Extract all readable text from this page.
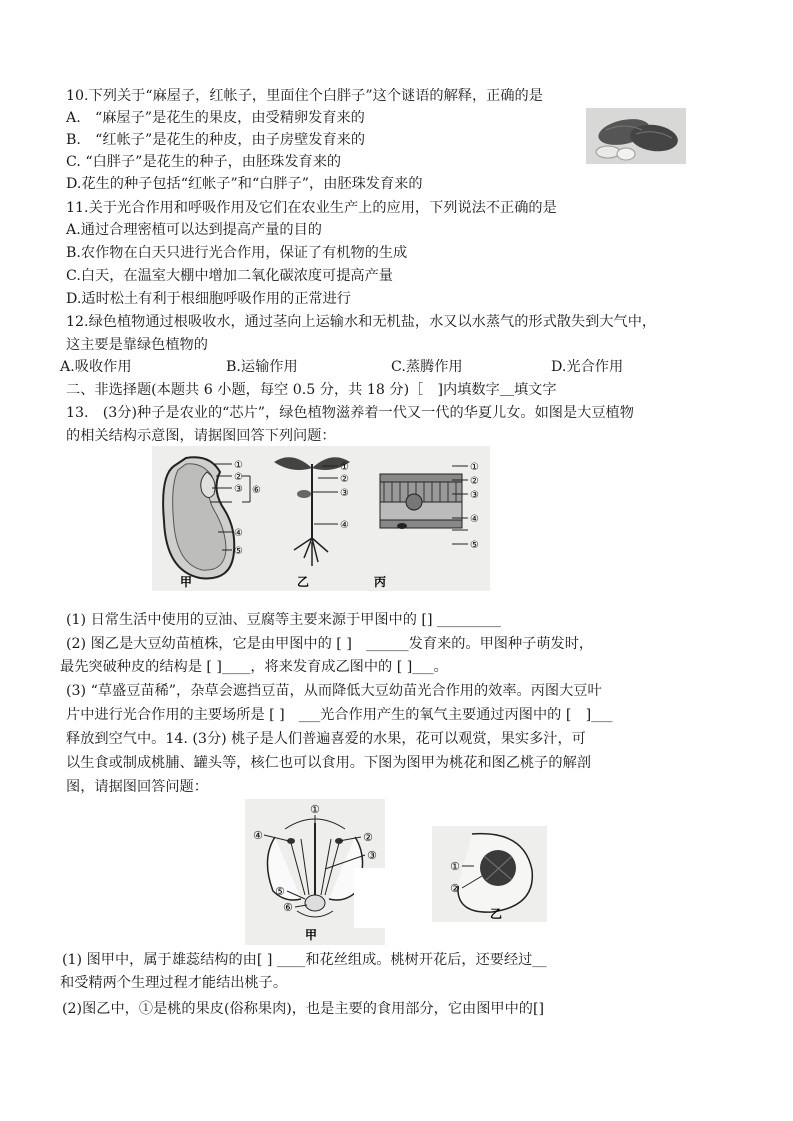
10.下列关于“麻屋子，红帐子，里面住个白胖子”这个谜语的解释，正确的是
A.　“麻屋子”是花生的果皮，由受精卵发育来的
B.　“红帐子”是花生的种皮，由子房壁发育来的
C. “白胖子”是花生的种子，由胚珠发育来的
D.花生的种子包括“红帐子”和“白胖子”，由胚珠发育来的
11.关于光合作用和呼吸作用及它们在农业生产上的应用，下列说法不正确的是
A.通过合理密植可以达到提高产量的目的
B.农作物在白天只进行光合作用，保证了有机物的生成
C.白天，在温室大棚中增加二氧化碳浓度可提高产量
D.适时松土有利于根细胞呼吸作用的正常进行
12.绿色植物通过根吸收水，通过茎向上运输水和无机盐，水又以水蒸气的形式散失到大气中，
这主要是靠绿色植物的
A.吸收作用	B.运输作用	C.蒸腾作用	D.光合作用
二、非选择题(本题共 6 小题，每空 0.5 分，共 18 分)［　]内填数字＿填文字
13.　(3分)种子是农业的“芯片”，绿色植物滋养着一代又一代的华夏儿女。如图是大豆植物
的相关结构示意图，请据图回答下列问题：
①
②
③ ⑥
④
⑤
甲
①
②
③
④
乙
①
②
③
④
⑤
丙
(1) 日常生活中使用的豆油、豆腐等主要来源于甲图中的 [] _________
(2) 图乙是大豆幼苗植株，它是由甲图中的 [ ]　______发育来的。甲图种子萌发时，
最先突破种皮的结构是 [ ]____，将来发育成乙图中的 [ ]___。
(3) “草盛豆苗稀”，杂草会遮挡豆苗，从而降低大豆幼苗光合作用的效率。丙图大豆叶
片中进行光合作用的主要场所是 [ ]　___光合作用产生的氧气主要通过丙图中的 [　]___
释放到空气中。14. (3分) 桃子是人们普遍喜爱的水果，花可以观赏，果实多汁，可
以生食或制成桃脯、罐头等，核仁也可以食用。下图为图甲为桃花和图乙桃子的解剖
图，请据图回答问题：
①
④	②
③
⑤
⑥
甲
①
②
乙
(1) 图甲中，属于雄蕊结构的由[ ] ____和花丝组成。桃树开花后，还要经过__
和受精两个生理过程才能结出桃子。
(2)图乙中，①是桃的果皮(俗称果肉)，也是主要的食用部分，它由图甲中的[]
